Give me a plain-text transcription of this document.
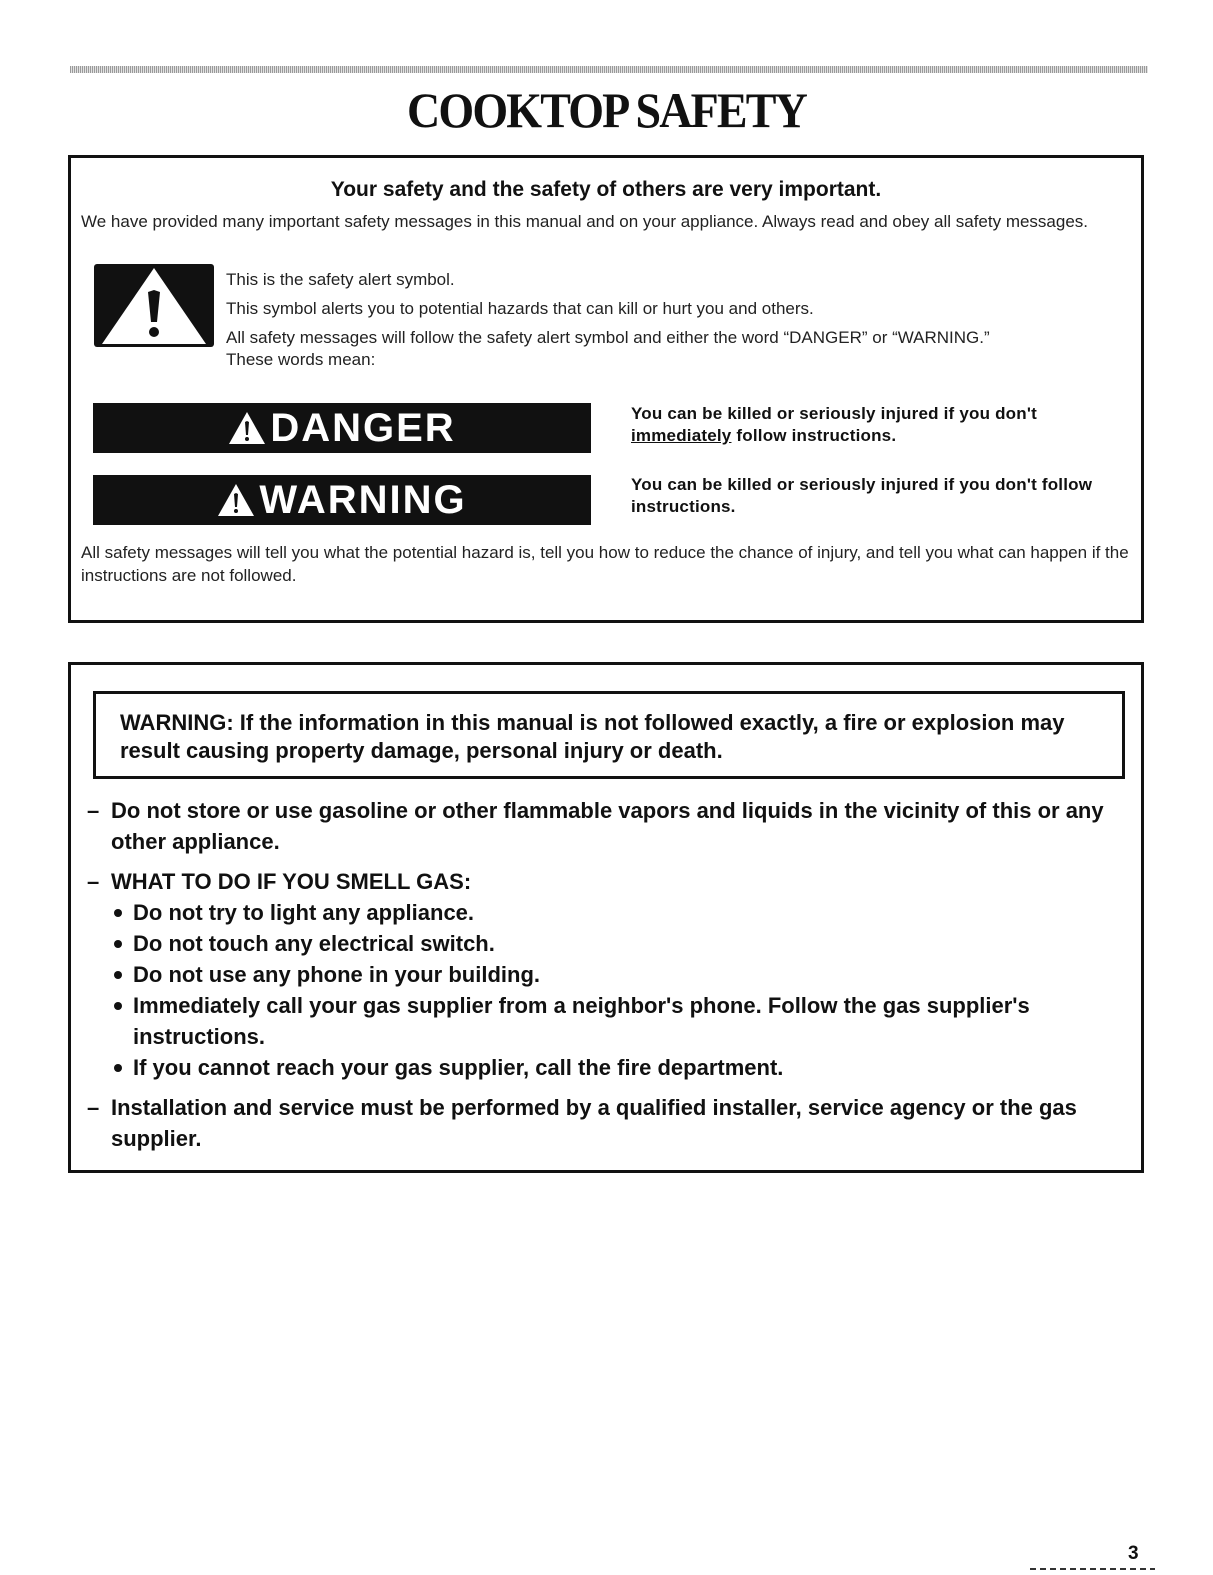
COOKTOP SAFETY

Your safety and the safety of others are very important.

We have provided many important safety messages in this manual and on your appliance. Always read and obey all safety messages.

This is the safety alert symbol.

This symbol alerts you to potential hazards that can kill or hurt you and others.

All safety messages will follow the safety alert symbol and either the word “DANGER” or “WARNING.” These words mean:

DANGER	You can be killed or seriously injured if you don't
immediately follow instructions.

WARNING	You can be killed or seriously injured if you don't follow instructions.

All safety messages will tell you what the potential hazard is, tell you how to reduce the chance of injury, and tell you what can happen if the instructions are not followed.

WARNING: If the information in this manual is not followed exactly, a fire or explosion may result causing property damage, personal injury or death.

– Do not store or use gasoline or other flammable vapors and liquids in the vicinity of this or any other appliance.

– WHAT TO DO IF YOU SMELL GAS:

Do not try to light any appliance.

Do not touch any electrical switch.

Do not use any phone in your building.

Immediately call your gas supplier from a neighbor's phone. Follow the gas supplier's instructions.

If you cannot reach your gas supplier, call the fire department.

– Installation and service must be performed by a qualified installer, service agency or the gas supplier.

3
